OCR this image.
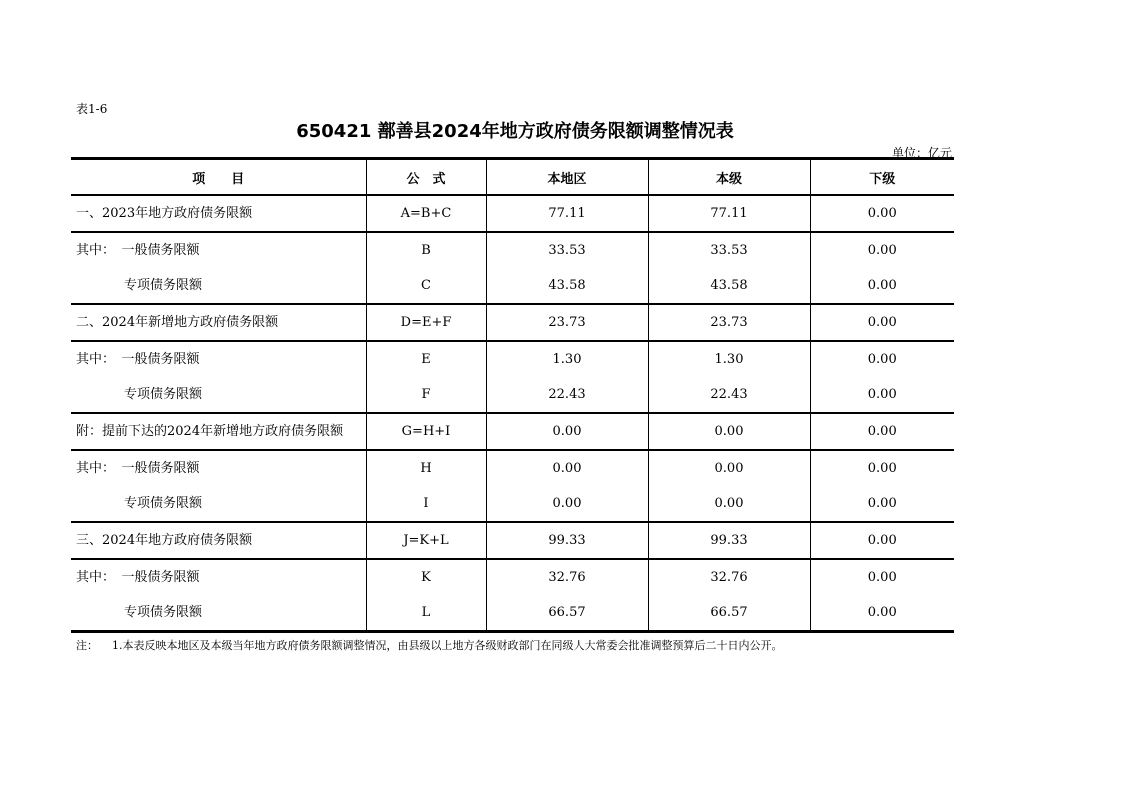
表1-6
650421 鄯善县2024年地方政府债务限额调整情况表
单位：亿元
项　　目	公　式	本地区	本级	下级
一、2023年地方政府债务限额	A=B+C	77.11	77.11	0.00
其中：　一般债务限额	B	33.53	33.53	0.00
专项债务限额	C	43.58	43.58	0.00
二、2024年新增地方政府债务限额	D=E+F	23.73	23.73	0.00
其中：　一般债务限额	E	1.30	1.30	0.00
专项债务限额	F	22.43	22.43	0.00
附：提前下达的2024年新增地方政府债务限额	G=H+I	0.00	0.00	0.00
其中：　一般债务限额	H	0.00	0.00	0.00
专项债务限额	I	0.00	0.00	0.00
三、2024年地方政府债务限额	J=K+L	99.33	99.33	0.00
其中：　一般债务限额	K	32.76	32.76	0.00
专项债务限额	L	66.57	66.57	0.00
注： 1.本表反映本地区及本级当年地方政府债务限额调整情况，由县级以上地方各级财政部门在同级人大常委会批准调整预算后二十日内公开。
